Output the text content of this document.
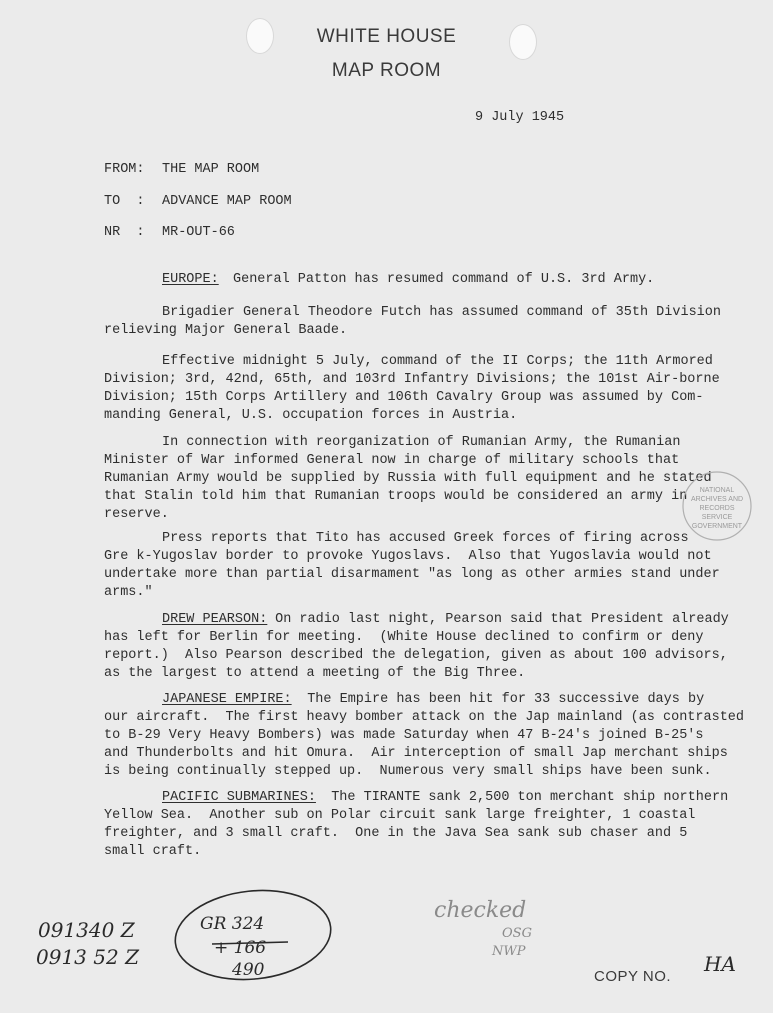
WHITE HOUSE
MAP ROOM
9 July 1945
FROM: THE MAP ROOM
TO  : ADVANCE MAP ROOM
NR  : MR-OUT-66
EUROPE: General Patton has resumed command of U.S. 3rd Army.
Brigadier General Theodore Futch has assumed command of 35th Division
relieving Major General Baade.
Effective midnight 5 July, command of the II Corps; the 11th Armored
Division; 3rd, 42nd, 65th, and 103rd Infantry Divisions; the 101st Air-borne
Division; 15th Corps Artillery and 106th Cavalry Group was assumed by Com-
manding General, U.S. occupation forces in Austria.
In connection with reorganization of Rumanian Army, the Rumanian
Minister of War informed General now in charge of military schools that
Rumanian Army would be supplied by Russia with full equipment and he stated
that Stalin told him that Rumanian troops would be considered an army in
reserve.
Press reports that Tito has accused Greek forces of firing across
Gre k-Yugoslav border to provoke Yugoslavs.  Also that Yugoslavia would not
undertake more than partial disarmament "as long as other armies stand under
arms."
DREW PEARSON: On radio last night, Pearson said that President already
has left for Berlin for meeting.  (White House declined to confirm or deny
report.)  Also Pearson described the delegation, given as about 100 advisors,
as the largest to attend a meeting of the Big Three.
JAPANESE EMPIRE: The Empire has been hit for 33 successive days by
our aircraft.  The first heavy bomber attack on the Jap mainland (as contrasted
to B-29 Very Heavy Bombers) was made Saturday when 47 B-24's joined B-25's
and Thunderbolts and hit Omura.  Air interception of small Jap merchant ships
is being continually stepped up.  Numerous very small ships have been sunk.
PACIFIC SUBMARINES: The TIRANTE sank 2,500 ton merchant ship northern
Yellow Sea.  Another sub on Polar circuit sank large freighter, 1 coastal
freighter, and 3 small craft.  One in the Java Sea sank sub chaser and 5
small craft.
NATIONAL
ARCHIVES AND
RECORDS
SERVICE
GOVERNMENT
091340 Z
0913 52 Z
GR 324
+ 166
490
checked
OSG
NWP
COPY NO.
HA
